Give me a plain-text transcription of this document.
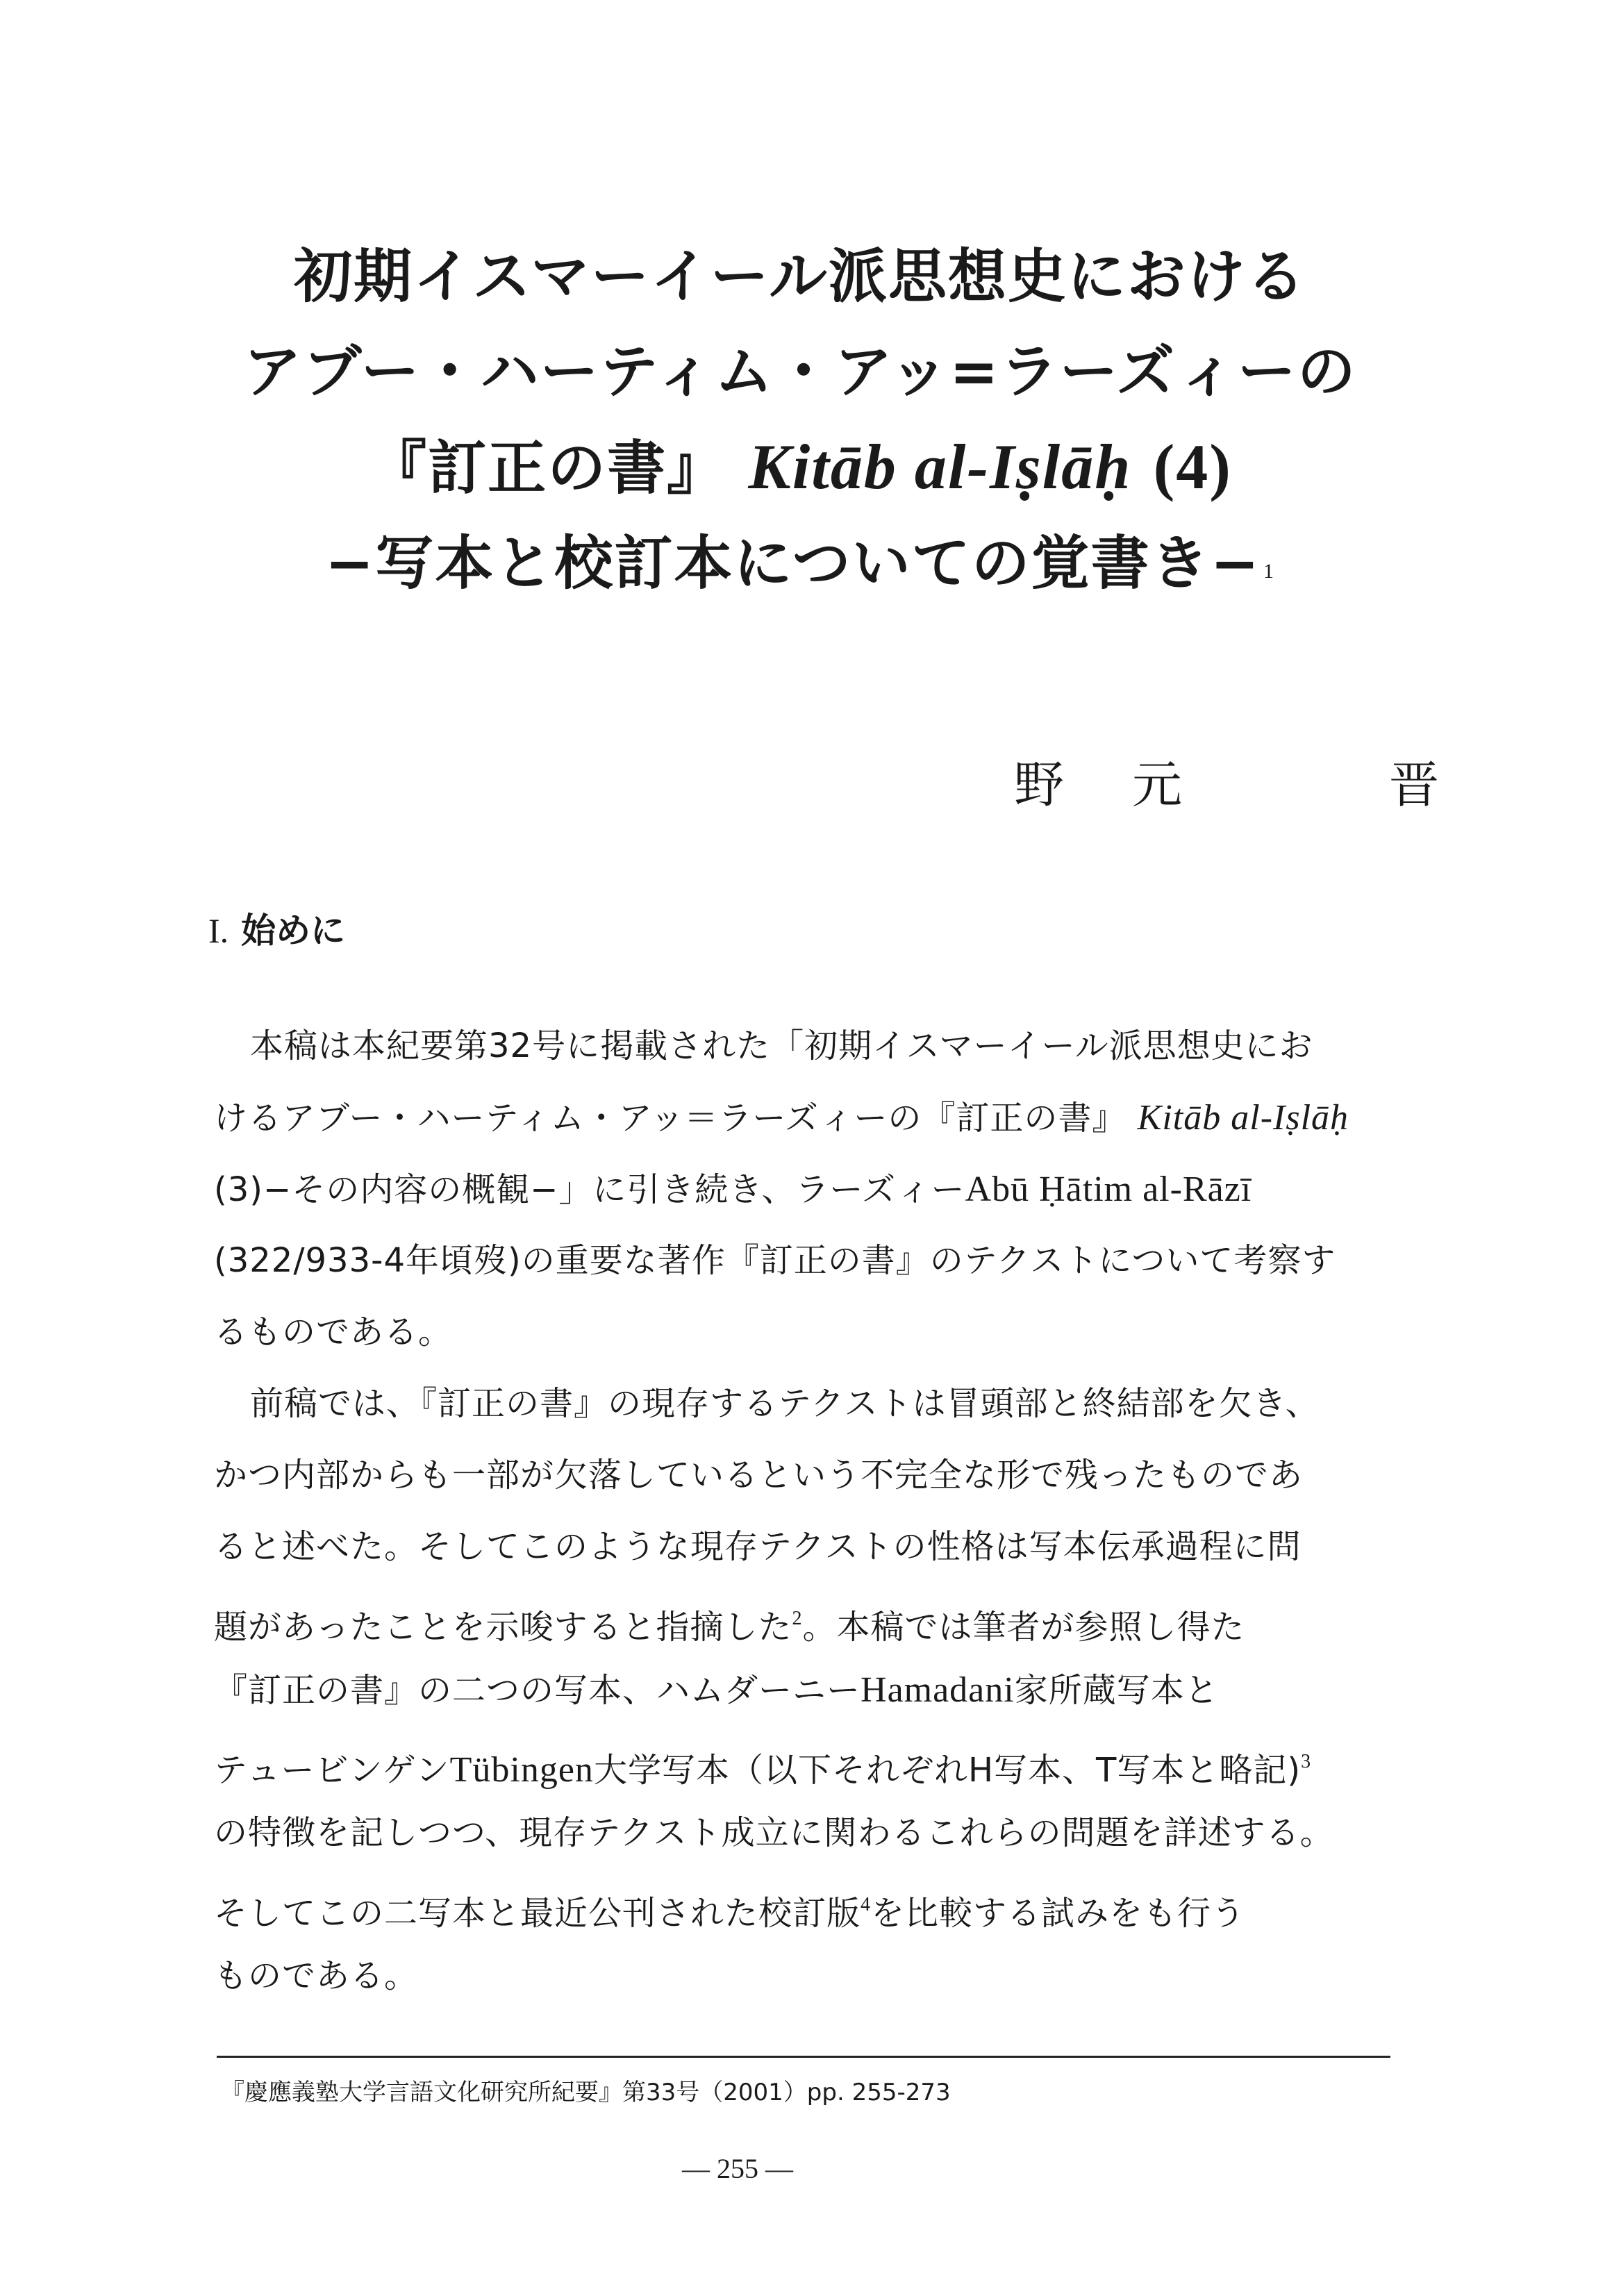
初期イスマーイール派思想史における
アブー・ハーティム・アッ=ラーズィーの
『訂正の書』 Kitāb al-Iṣlāḥ (4)
−写本と校訂本についての覚書き− $^1$
野 元	晋
I. 始めに
本稿は本紀要第32号に掲載された「初期イスマーイール派思想史にお
けるアブー・ハーティム・アッ＝ラーズィーの『訂正の書』 Kitāb al-Iṣlāḥ
(3)−その内容の概観−」に引き続き、ラーズィーAbū Ḥātim al-Rāzī
(322/933-4年頃歿)の重要な著作『訂正の書』のテクストについて考察す
るものである。
前稿では、『訂正の書』の現存するテクストは冒頭部と終結部を欠き、
かつ内部からも一部が欠落しているという不完全な形で残ったものであ
ると述べた。そしてこのような現存テクストの性格は写本伝承過程に問
題があったことを示唆すると指摘した$^2$。本稿では筆者が参照し得た
『訂正の書』の二つの写本、ハムダーニーHamadani家所蔵写本と
テュービンゲンTübingen大学写本（以下それぞれH写本、T写本と略記)$^3$
の特徴を記しつつ、現存テクスト成立に関わるこれらの問題を詳述する。
そしてこの二写本と最近公刊された校訂版$^4$を比較する試みをも行う
ものである。
『慶應義塾大学言語文化研究所紀要』第33号（2001）pp. 255-273
— 255 —
